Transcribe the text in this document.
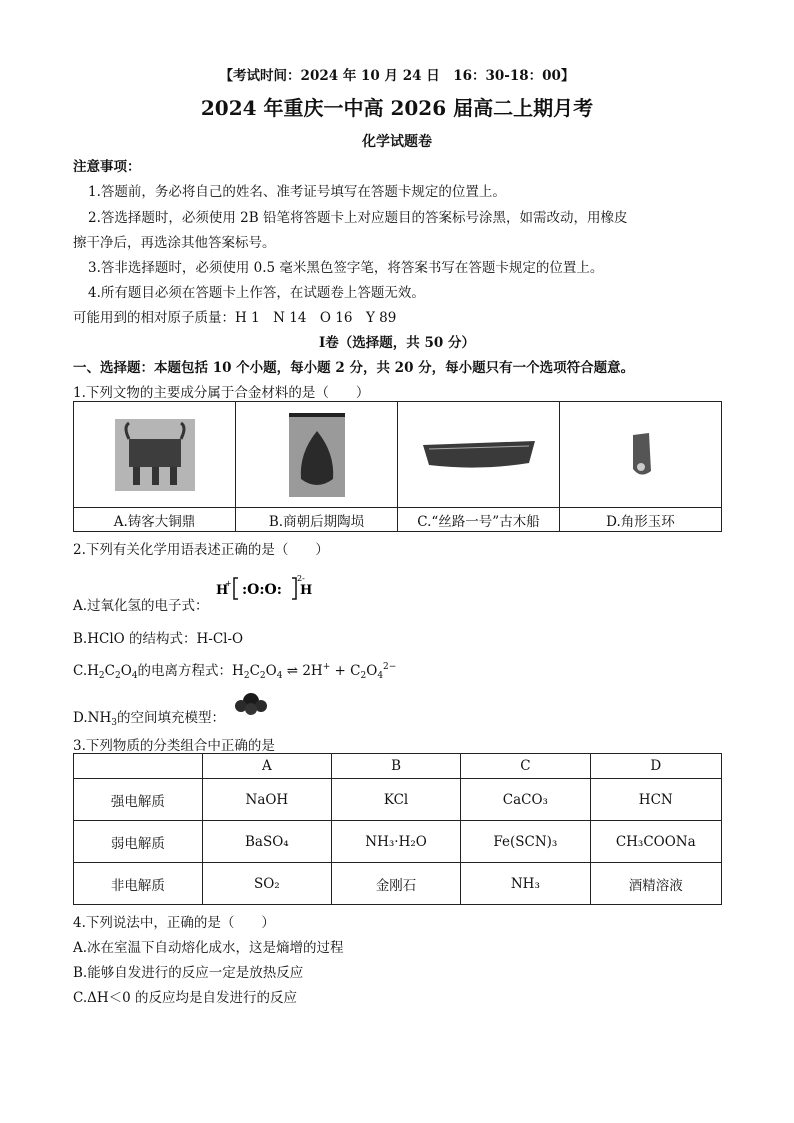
【考试时间：2024 年 10 月 24 日　16：30-18：00】
2024 年重庆一中高 2026 届高二上期月考
化学试题卷
注意事项：
1.答题前，务必将自己的姓名、准考证号填写在答题卡规定的位置上。
2.答选择题时，必须使用 2B 铅笔将答题卡上对应题目的答案标号涂黑，如需改动，用橡皮
擦干净后，再选涂其他答案标号。
3.答非选择题时，必须使用 0.5 毫米黑色签字笔，将答案书写在答题卡规定的位置上。
4.所有题目必须在答题卡上作答，在试题卷上答题无效。
可能用到的相对原子质量：H 1　N 14　O 16　Y 89
Ⅰ卷（选择题，共 50 分）
一、选择题：本题包括 10 个小题，每小题 2 分，共 20 分，每小题只有一个选项符合题意。
1.下列文物的主要成分属于合金材料的是（　　）

A.铸客大铜鼎	B.商朝后期陶埙	C.“丝路一号”古木船	D.角形玉环
2.下列有关化学用语表述正确的是（　　）
A.过氧化氢的电子式：
H
+ :O:O:
2-
H
B.HClO 的结构式：H-Cl-O
$C.H_2C_2O_4$的电离方程式：$H_2C_2O_4$ ⇌ $2H^+ + C_2O_4^{2-}$
$D.NH_3$的空间填充模型：
3.下列物质的分类组合中正确的是
	A	B	C	D
强电解质	NaOH	KCl	CaCO₃	HCN
弱电解质	BaSO₄	NH₃·H₂O	Fe(SCN)₃	CH₃COONa
非电解质	SO₂	金刚石	NH₃	酒精溶液
4.下列说法中，正确的是（　　）
A.冰在室温下自动熔化成水，这是熵增的过程
B.能够自发进行的反应一定是放热反应
C.ΔH＜0 的反应均是自发进行的反应
